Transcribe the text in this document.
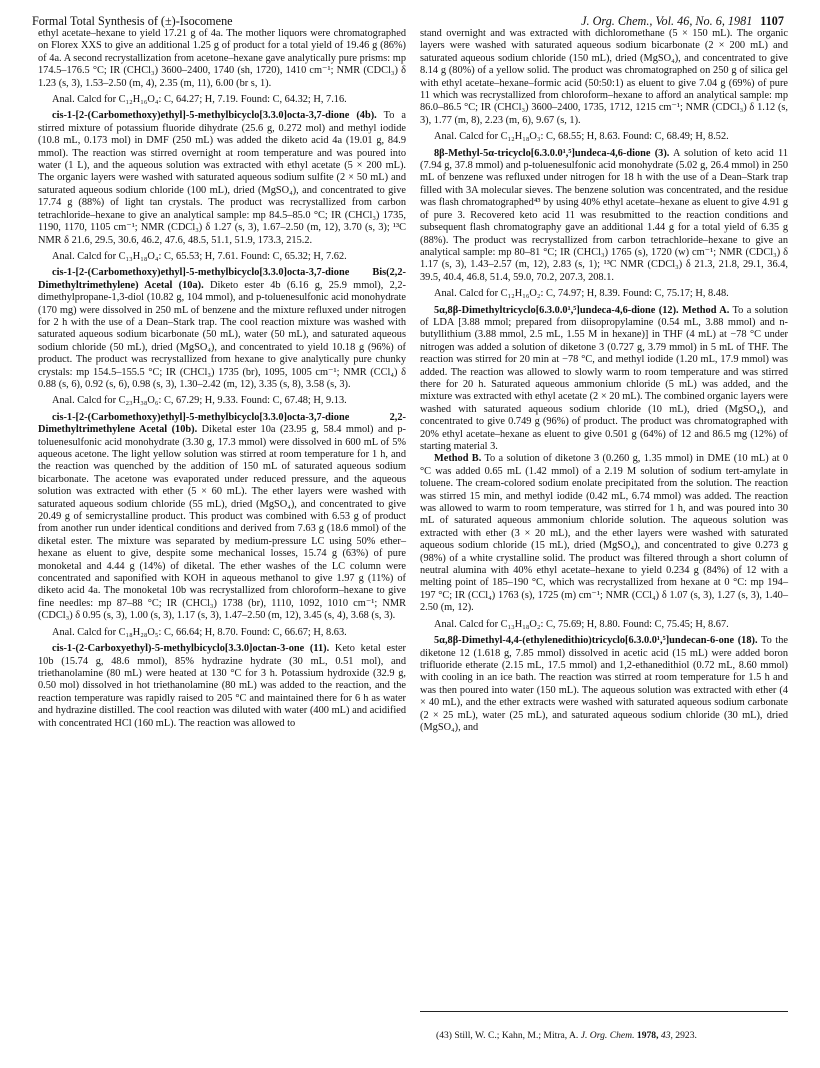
Formal Total Synthesis of (±)-Isocomene	J. Org. Chem., Vol. 46, No. 6, 1981 1107

ethyl acetate–hexane to yield 17.21 g of 4a. The mother liquors were chromatographed on Florex XXS to give an additional 1.25 g of product for a total yield of 19.46 g (86%) of 4a. A second recrystallization from acetone–hexane gave analytically pure prisms: mp 174.5–176.5 °C; IR (CHCl₃) 3600–2400, 1740 (sh, 1720), 1410 cm⁻¹; NMR (CDCl₃) δ 1.23 (s, 3), 1.53–2.50 (m, 4), 2.35 (m, 11), 6.00 (br s, 1).

Anal. Calcd for C₁₂H₁₆O₄: C, 64.27; H, 7.19. Found: C, 64.32; H, 7.16.

cis-1-[2-(Carbomethoxy)ethyl]-5-methylbicyclo[3.3.0]octa-3,7-dione (4b). To a stirred mixture of potassium fluoride dihydrate (25.6 g, 0.272 mol) and methyl iodide (10.8 mL, 0.173 mol) in DMF (250 mL) was added the diketo acid 4a (19.01 g, 84.9 mmol). The reaction was stirred overnight at room temperature and was poured into water (1 L), and the aqueous solution was extracted with ethyl acetate (5 × 200 mL). The organic layers were washed with saturated aqueous sodium sulfite (2 × 50 mL) and saturated aqueous sodium chloride (100 mL), dried (MgSO₄), and concentrated to give 17.74 g (88%) of light tan crystals. The product was recrystallized from carbon tetrachloride–hexane to give an analytical sample: mp 84.5–85.0 °C; IR (CHCl₃) 1735, 1190, 1170, 1105 cm⁻¹; NMR (CDCl₃) δ 1.27 (s, 3), 1.67–2.50 (m, 12), 3.70 (s, 3); ¹³C NMR δ 21.6, 29.5, 30.6, 46.2, 47.6, 48.5, 51.1, 51.9, 173.3, 215.2.

Anal. Calcd for C₁₃H₁₈O₄: C, 65.53; H, 7.61. Found: C, 65.32; H, 7.62.

cis-1-[2-(Carbomethoxy)ethyl]-5-methylbicyclo[3.3.0]octa-3,7-dione Bis(2,2-Dimethyltrimethylene) Acetal (10a). Diketo ester 4b (6.16 g, 25.9 mmol), 2,2-dimethylpropane-1,3-diol (10.82 g, 104 mmol), and p-toluenesulfonic acid monohydrate (170 mg) were dissolved in 250 mL of benzene and the mixture refluxed under nitrogen for 2 h with the use of a Dean–Stark trap. The cool reaction mixture was washed with saturated aqueous sodium bicarbonate (50 mL), water (50 mL), and saturated aqueous sodium chloride (50 mL), dried (MgSO₄), and concentrated to yield 10.18 g (96%) of product. The product was recrystallized from hexane to give analytically pure chunky crystals: mp 154.5–155.5 °C; IR (CHCl₃) 1735 (br), 1095, 1005 cm⁻¹; NMR (CCl₄) δ 0.88 (s, 6), 0.92 (s, 6), 0.98 (s, 3), 1.30–2.42 (m, 12), 3.35 (s, 8), 3.58 (s, 3).

Anal. Calcd for C₂₃H₃₈O₆: C, 67.29; H, 9.33. Found: C, 67.48; H, 9.13.

cis-1-[2-(Carbomethoxy)ethyl]-5-methylbicyclo[3.3.0]octa-3,7-dione 2,2-Dimethyltrimethylene Acetal (10b). Diketal ester 10a (23.95 g, 58.4 mmol) and p-toluenesulfonic acid monohydrate (3.30 g, 17.3 mmol) were dissolved in 600 mL of 5% aqueous acetone. The light yellow solution was stirred at room temperature for 1 h, and the reaction was quenched by the addition of 150 mL of saturated aqueous sodium bicarbonate. The acetone was evaporated under reduced pressure, and the aqueous solution was extracted with ether (5 × 60 mL). The ether layers were washed with saturated aqueous sodium chloride (55 mL), dried (MgSO₄), and concentrated to give 20.49 g of semicrystalline product. This product was combined with 6.53 g of product from another run under identical conditions and derived from 7.63 g (18.6 mmol) of the diketal ester. The mixture was separated by medium-pressure LC using 50% ether–hexane as eluent to give, despite some mechanical losses, 15.74 g (63%) of pure monoketal and 4.44 g (14%) of diketal. The ether washes of the LC column were concentrated and saponified with KOH in aqueous methanol to give 1.97 g (11%) of diketo acid 4a. The monoketal 10b was recrystallized from chloroform–hexane to give fine needles: mp 87–88 °C; IR (CHCl₃) 1738 (br), 1110, 1092, 1010 cm⁻¹; NMR (CDCl₃) δ 0.95 (s, 3), 1.00 (s, 3), 1.17 (s, 3), 1.47–2.50 (m, 12), 3.45 (s, 4), 3.68 (s, 3).

Anal. Calcd for C₁₈H₂₈O₅: C, 66.64; H, 8.70. Found: C, 66.67; H, 8.63.

cis-1-(2-Carboxyethyl)-5-methylbicyclo[3.3.0]octan-3-one (11). Keto ketal ester 10b (15.74 g, 48.6 mmol), 85% hydrazine hydrate (30 mL, 0.51 mol), and triethanolamine (80 mL) were heated at 130 °C for 3 h. Potassium hydroxide (32.9 g, 0.50 mol) dissolved in hot triethanolamine (80 mL) was added to the reaction, and the reaction temperature was rapidly raised to 205 °C and maintained there for 6 h as water and hydrazine distilled. The cool reaction was diluted with water (400 mL) and acidified with concentrated HCl (160 mL). The reaction was allowed to

stand overnight and was extracted with dichloromethane (5 × 150 mL). The organic layers were washed with saturated aqueous sodium bicarbonate (2 × 200 mL) and saturated aqueous sodium chloride (150 mL), dried (MgSO₄), and concentrated to give 8.14 g (80%) of a yellow solid. The product was chromatographed on 250 g of silica gel with ethyl acetate–hexane–formic acid (50:50:1) as eluent to give 7.04 g (69%) of pure 11 which was recrystallized from chloroform–hexane to afford an analytical sample: mp 86.0–86.5 °C; IR (CHCl₃) 3600–2400, 1735, 1712, 1215 cm⁻¹; NMR (CDCl₃) δ 1.12 (s, 3), 1.77 (m, 8), 2.23 (m, 6), 9.67 (s, 1).

Anal. Calcd for C₁₂H₁₈O₃: C, 68.55; H, 8.63. Found: C, 68.49; H, 8.52.

8β-Methyl-5α-tricyclo[6.3.0.0¹,⁵]undeca-4,6-dione (3). A solution of keto acid 11 (7.94 g, 37.8 mmol) and p-toluenesulfonic acid monohydrate (5.02 g, 26.4 mmol) in 250 mL of benzene was refluxed under nitrogen for 18 h with the use of a Dean–Stark trap filled with 3A molecular sieves. The benzene solution was concentrated, and the residue was flash chromatographed⁴³ by using 40% ethyl acetate–hexane as eluent to give 4.91 g of pure 3. Recovered keto acid 11 was resubmitted to the reaction conditions and subsequent flash chromatography gave an additional 1.44 g for a total yield of 6.35 g (88%). The product was recrystallized from carbon tetrachloride–hexane to give an analytical sample: mp 80–81 °C; IR (CHCl₃) 1765 (s), 1720 (w) cm⁻¹; NMR (CDCl₃) δ 1.17 (s, 3), 1.43–2.57 (m, 12), 2.83 (s, 1); ¹³C NMR (CDCl₃) δ 21.3, 21.8, 29.1, 36.4, 39.5, 40.4, 46.8, 51.4, 59.0, 70.2, 207.3, 208.1.

Anal. Calcd for C₁₂H₁₆O₂: C, 74.97; H, 8.39. Found: C, 75.17; H, 8.48.

5α,8β-Dimethyltricyclo[6.3.0.0¹,⁵]undeca-4,6-dione (12). Method A. To a solution of LDA [3.88 mmol; prepared from diisopropylamine (0.54 mL, 3.88 mmol) and n-butyllithium (3.88 mmol, 2.5 mL, 1.55 M in hexane)] in THF (4 mL) at −78 °C under nitrogen was added a solution of diketone 3 (0.727 g, 3.79 mmol) in 5 mL of THF. The reaction was stirred for 20 min at −78 °C, and methyl iodide (1.20 mL, 17.9 mmol) was added. The reaction was allowed to slowly warm to room temperature and was stirred there for 20 h. Saturated aqueous ammonium chloride (5 mL) was added, and the mixture was extracted with ethyl acetate (2 × 20 mL). The combined organic layers were washed with saturated aqueous sodium chloride (10 mL), dried (MgSO₄), and concentrated to give 0.749 g (96%) of product. The product was chromatographed with 20% ethyl acetate–hexane as eluent to give 0.501 g (64%) of 12 and 86.5 mg (12%) of starting material 3.

Method B. To a solution of diketone 3 (0.260 g, 1.35 mmol) in DME (10 mL) at 0 °C was added 0.65 mL (1.42 mmol) of a 2.19 M solution of sodium tert-amylate in toluene. The cream-colored sodium enolate precipitated from the solution. The reaction was stirred 15 min, and methyl iodide (0.42 mL, 6.74 mmol) was added. The reaction was allowed to warm to room temperature, was stirred for 1 h, and was poured into 30 mL of saturated aqueous ammonium chloride solution. The aqueous solution was extracted with ether (3 × 20 mL), and the ether layers were washed with saturated aqueous sodium chloride (15 mL), dried (MgSO₄), and concentrated to give 0.273 g (98%) of a white crystalline solid. The product was filtered through a short column of neutral alumina with 40% ethyl acetate–hexane to yield 0.234 g (84%) of 12 with a melting point of 185–190 °C, which was recrystallized from hexane at 0 °C: mp 194–197 °C; IR (CCl₄) 1763 (s), 1725 (m) cm⁻¹; NMR (CCl₄) δ 1.07 (s, 3), 1.27 (s, 3), 1.40–2.50 (m, 12).

Anal. Calcd for C₁₃H₁₈O₂: C, 75.69; H, 8.80. Found: C, 75.45; H, 8.67.

5α,8β-Dimethyl-4,4-(ethylenedithio)tricyclo[6.3.0.0¹,⁵]undecan-6-one (18). To the diketone 12 (1.618 g, 7.85 mmol) dissolved in acetic acid (15 mL) were added boron trifluoride etherate (2.15 mL, 17.5 mmol) and 1,2-ethanedithiol (0.72 mL, 8.60 mmol) with cooling in an ice bath. The reaction was stirred at room temperature for 1.5 h and was then poured into water (150 mL). The aqueous solution was extracted with ether (4 × 40 mL), and the ether extracts were washed with saturated aqueous sodium carbonate (2 × 25 mL), water (25 mL), and saturated aqueous sodium chloride (30 mL), dried (MgSO₄), and

(43) Still, W. C.; Kahn, M.; Mitra, A. J. Org. Chem. 1978, 43, 2923.
